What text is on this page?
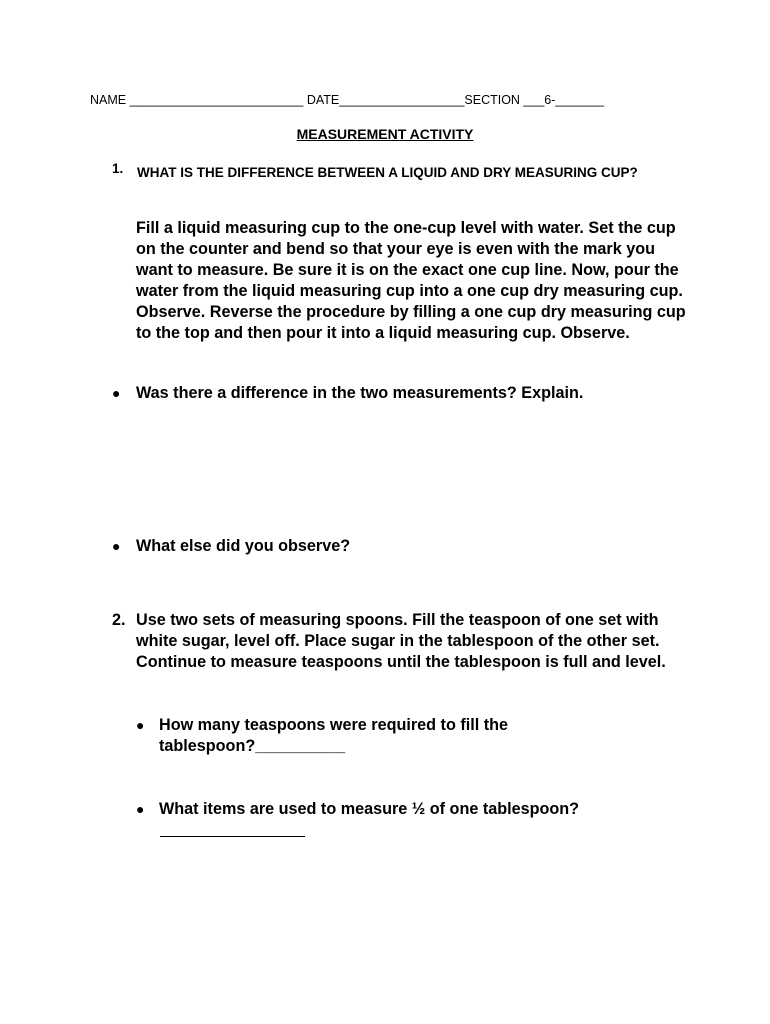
NAME _________________________ DATE__________________SECTION ___6-_______
MEASUREMENT ACTIVITY
1. WHAT IS THE DIFFERENCE BETWEEN A LIQUID AND DRY MEASURING CUP?

Fill a liquid measuring cup to the one-cup level with water. Set the cup on the counter and bend so that your eye is even with the mark you want to measure. Be sure it is on the exact one cup line. Now, pour the water from the liquid measuring cup into a one cup dry measuring cup. Observe. Reverse the procedure by filling a one cup dry measuring cup to the top and then pour it into a liquid measuring cup. Observe.

● Was there a difference in the two measurements? Explain.

● What else did you observe?

2. Use two sets of measuring spoons. Fill the teaspoon of one set with white sugar, level off. Place sugar in the tablespoon of the other set. Continue to measure teaspoons until the tablespoon is full and level.

● How many teaspoons were required to fill the tablespoon?__________

● What items are used to measure ½ of one tablespoon?
